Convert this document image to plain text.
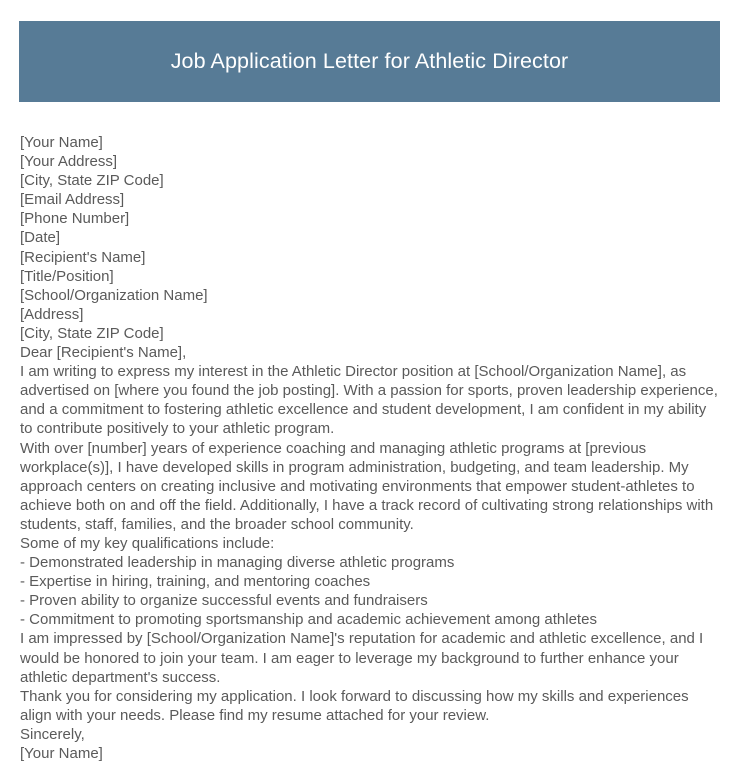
Job Application Letter for Athletic Director
[Your Name]
[Your Address]
[City, State ZIP Code]
[Email Address]
[Phone Number]
[Date]
[Recipient's Name]
[Title/Position]
[School/Organization Name]
[Address]
[City, State ZIP Code]
Dear [Recipient's Name],

I am writing to express my interest in the Athletic Director position at [School/Organization Name], as advertised on [where you found the job posting]. With a passion for sports, proven leadership experience, and a commitment to fostering athletic excellence and student development, I am confident in my ability to contribute positively to your athletic program.

With over [number] years of experience coaching and managing athletic programs at [previous workplace(s)], I have developed skills in program administration, budgeting, and team leadership. My approach centers on creating inclusive and motivating environments that empower student-athletes to achieve both on and off the field. Additionally, I have a track record of cultivating strong relationships with students, staff, families, and the broader school community.

Some of my key qualifications include:
- Demonstrated leadership in managing diverse athletic programs
- Expertise in hiring, training, and mentoring coaches
- Proven ability to organize successful events and fundraisers
- Commitment to promoting sportsmanship and academic achievement among athletes

I am impressed by [School/Organization Name]'s reputation for academic and athletic excellence, and I would be honored to join your team. I am eager to leverage my background to further enhance your athletic department's success.

Thank you for considering my application. I look forward to discussing how my skills and experiences align with your needs. Please find my resume attached for your review.

Sincerely,
[Your Name]
